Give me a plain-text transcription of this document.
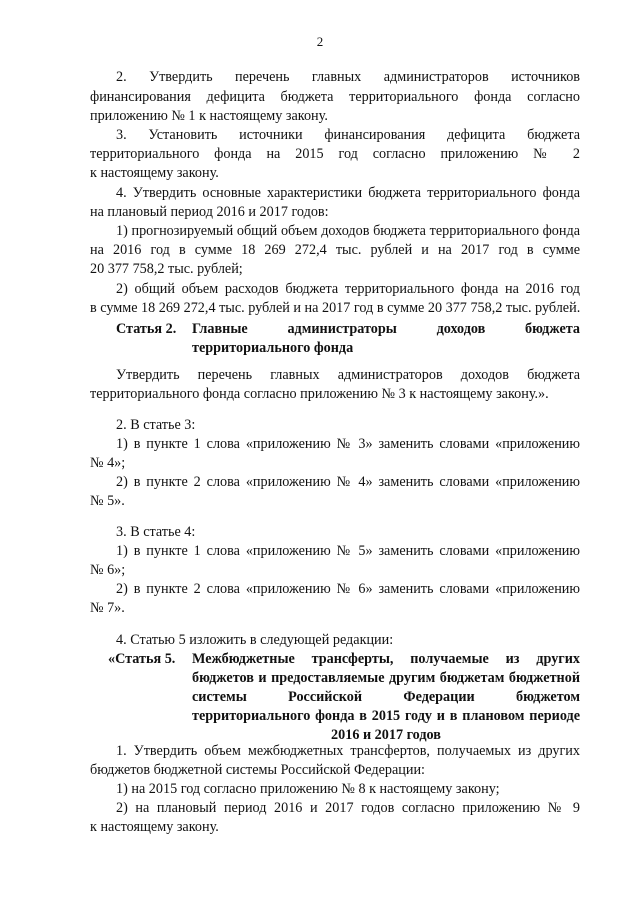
2
2. Утвердить перечень главных администраторов источников
финансирования дефицита бюджета территориального фонда согласно
приложению № 1 к настоящему закону.
3. Установить источники финансирования дефицита бюджета
территориального фонда на 2015 год согласно приложению № 2
к настоящему закону.
4. Утвердить основные характеристики бюджета территориального фонда
на плановый период 2016 и 2017 годов:
1) прогнозируемый общий объем доходов бюджета территориального фонда
на 2016 год в сумме 18 269 272,4 тыс. рублей и на 2017 год в сумме
20 377 758,2 тыс. рублей;
2) общий объем расходов бюджета территориального фонда на 2016 год
в сумме 18 269 272,4 тыс. рублей и на 2017 год в сумме 20 377 758,2 тыс. рублей.
Статья 2. Главные администраторы доходов бюджета
территориального фонда
Утвердить перечень главных администраторов доходов бюджета
территориального фонда согласно приложению № 3 к настоящему закону.».
2. В статье 3:
1) в пункте 1 слова «приложению № 3» заменить словами «приложению
№ 4»;
2) в пункте 2 слова «приложению № 4» заменить словами «приложению
№ 5».
3. В статье 4:
1) в пункте 1 слова «приложению № 5» заменить словами «приложению
№ 6»;
2) в пункте 2 слова «приложению № 6» заменить словами «приложению
№ 7».
4. Статью 5 изложить в следующей редакции:
«Статья 5. Межбюджетные трансферты, получаемые из других
бюджетов и предоставляемые другим бюджетам бюджетной
системы Российской Федерации бюджетом
территориального фонда в 2015 году и в плановом периоде
2016 и 2017 годов
1. Утвердить объем межбюджетных трансфертов, получаемых из других
бюджетов бюджетной системы Российской Федерации:
1) на 2015 год согласно приложению № 8 к настоящему закону;
2) на плановый период 2016 и 2017 годов согласно приложению № 9
к настоящему закону.
